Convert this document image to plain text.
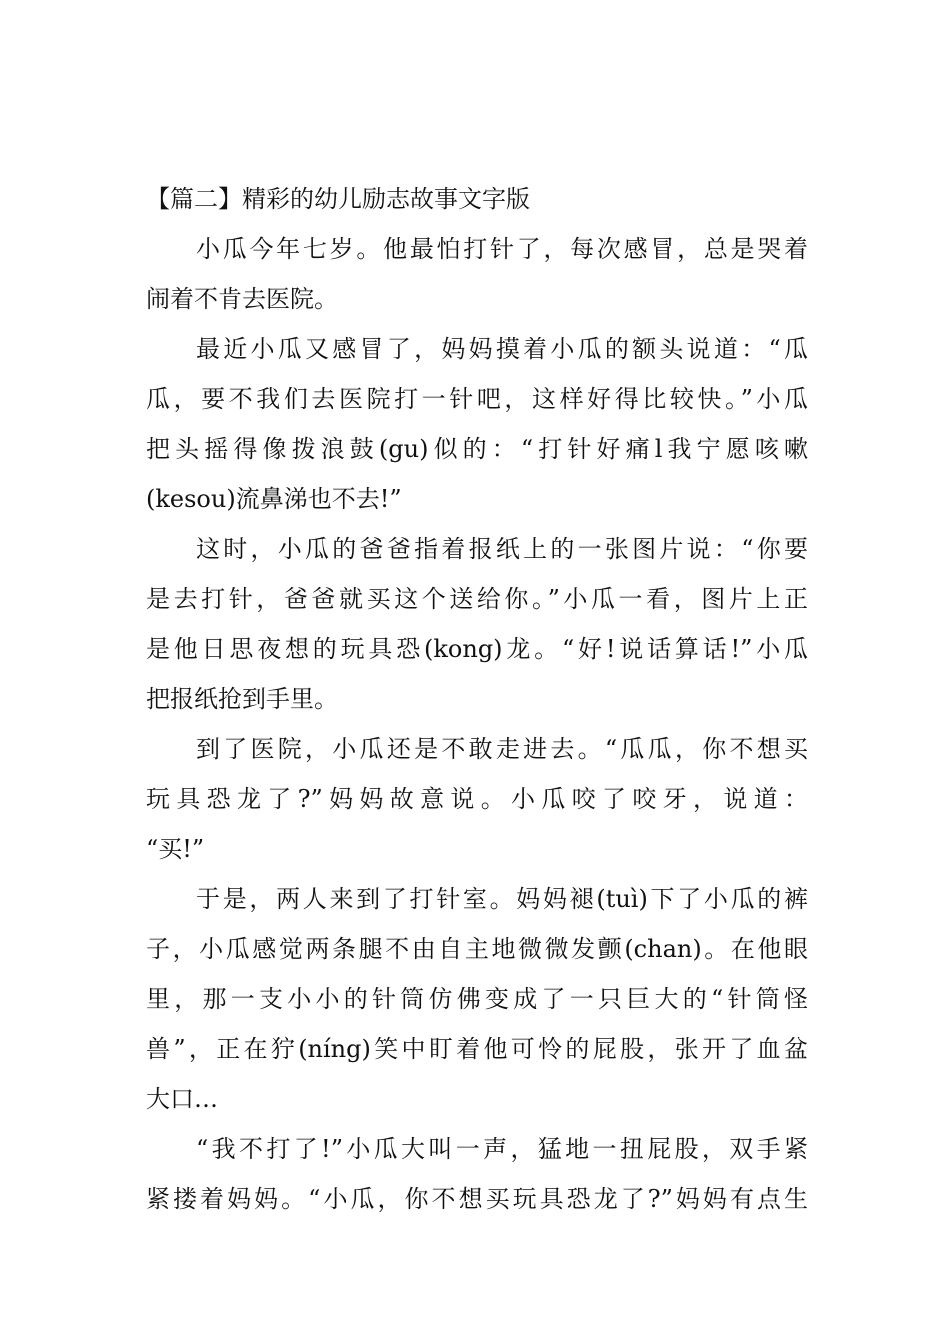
【篇二】精彩的幼儿励志故事文字版
小瓜今年七岁。他最怕打针了，每次感冒，总是哭着
闹着不肯去医院。
最近小瓜又感冒了，妈妈摸着小瓜的额头说道：“瓜
瓜，要不我们去医院打一针吧，这样好得比较快。”小瓜
把头摇得像拨浪鼓(gu)似的：“打针好痛l我宁愿咳嗽
(kesou)流鼻涕也不去!”
这时，小瓜的爸爸指着报纸上的一张图片说：“你要
是去打针，爸爸就买这个送给你。”小瓜一看，图片上正
是他日思夜想的玩具恐(kong)龙。“好!说话算话!”小瓜
把报纸抢到手里。
到了医院，小瓜还是不敢走进去。“瓜瓜，你不想买
玩具恐龙了?”妈妈故意说。小瓜咬了咬牙，说道：
“买!”
于是，两人来到了打针室。妈妈褪(tuì)下了小瓜的裤
子，小瓜感觉两条腿不由自主地微微发颤(chan)。在他眼
里，那一支小小的针筒仿佛变成了一只巨大的“针筒怪
兽”，正在狞(níng)笑中盯着他可怜的屁股，张开了血盆
大口…
“我不打了!”小瓜大叫一声，猛地一扭屁股，双手紧
紧搂着妈妈。“小瓜，你不想买玩具恐龙了?”妈妈有点生
